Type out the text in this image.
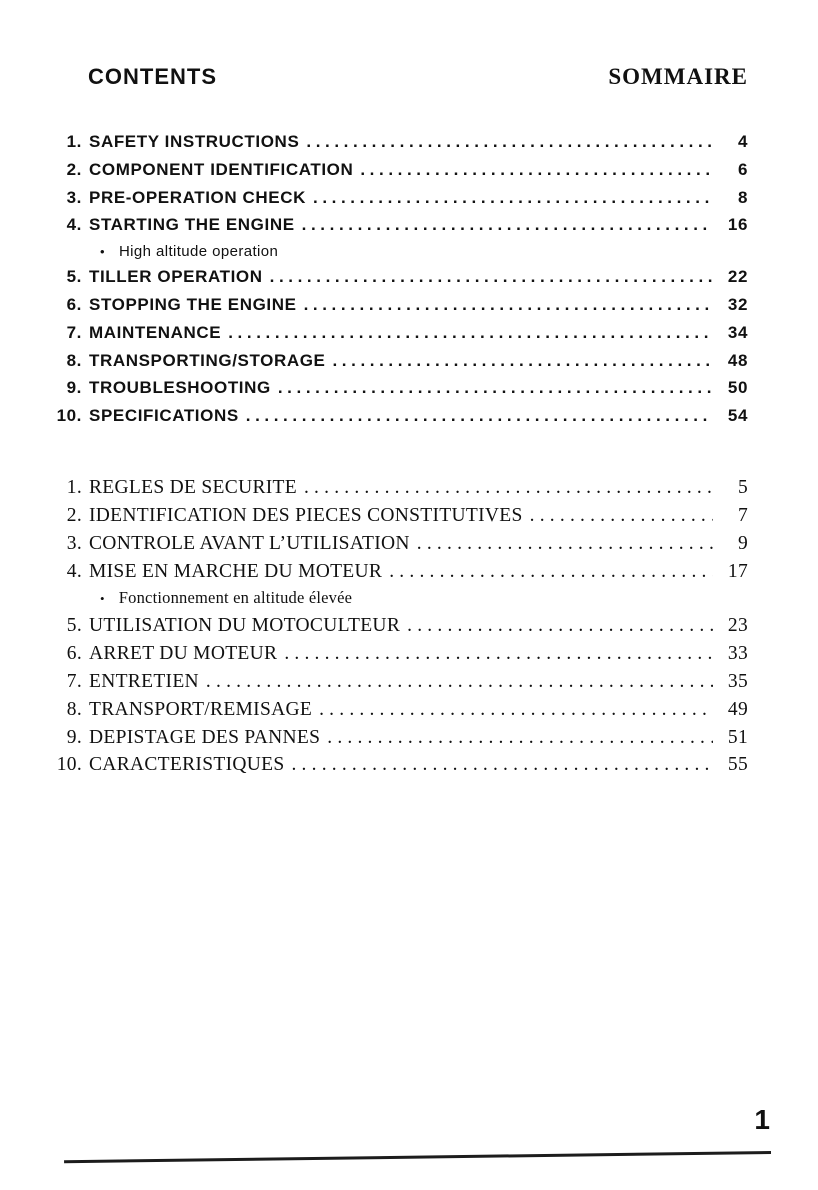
CONTENTS	SOMMAIRE
1. SAFETY INSTRUCTIONS .....	4
2. COMPONENT IDENTIFICATION .....	6
3. PRE-OPERATION CHECK .....	8
4. STARTING THE ENGINE .....	16
•
High altitude operation
5. TILLER OPERATION .....	22
6. STOPPING THE ENGINE .....	32
7. MAINTENANCE .....	34
8. TRANSPORTING/STORAGE .....	48
9. TROUBLESHOOTING .....	50
10. SPECIFICATIONS .....	54
1. REGLES DE SECURITE .....	5
2. IDENTIFICATION DES PIECES CONSTITUTIVES .....	7
3. CONTROLE AVANT L’UTILISATION .....	9
4. MISE EN MARCHE DU MOTEUR .....	17
•
Fonctionnement en altitude élevée
5. UTILISATION DU MOTOCULTEUR .....	23
6. ARRET DU MOTEUR .....	33
7. ENTRETIEN .....	35
8. TRANSPORT/REMISAGE .....	49
9. DEPISTAGE DES PANNES .....	51
10. CARACTERISTIQUES .....	55
1
